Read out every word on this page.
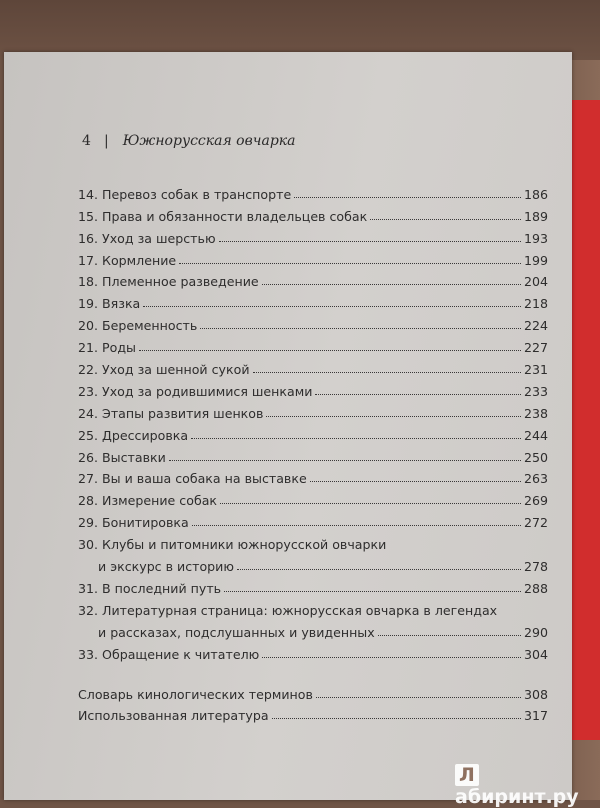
4 | Южнорусская овчарка
14. Перевоз собак в транспорте	186
15. Права и обязанности владельцев собак	189
16. Уход за шерстью	193
17. Кормление	199
18. Племенное разведение	204
19. Вязка	218
20. Беременность	224
21. Роды	227
22. Уход за шенной сукой	231
23. Уход за родившимися шенками	233
24. Этапы развития шенков	238
25. Дрессировка	244
26. Выставки	250
27. Вы и ваша собака на выставке	263
28. Измерение собак	269
29. Бонитировка	272
30. Клубы и питомники южнорусской овчарки
и экскурс в историю	278
31. В последний путь	288
32. Литературная страница: южнорусская овчарка в легендах
и рассказах, подслушанных и увиденных	290
33. Обращение к читателю	304
Словарь кинологических терминов	308
Использованная литература	317
Лабиринт.ру
